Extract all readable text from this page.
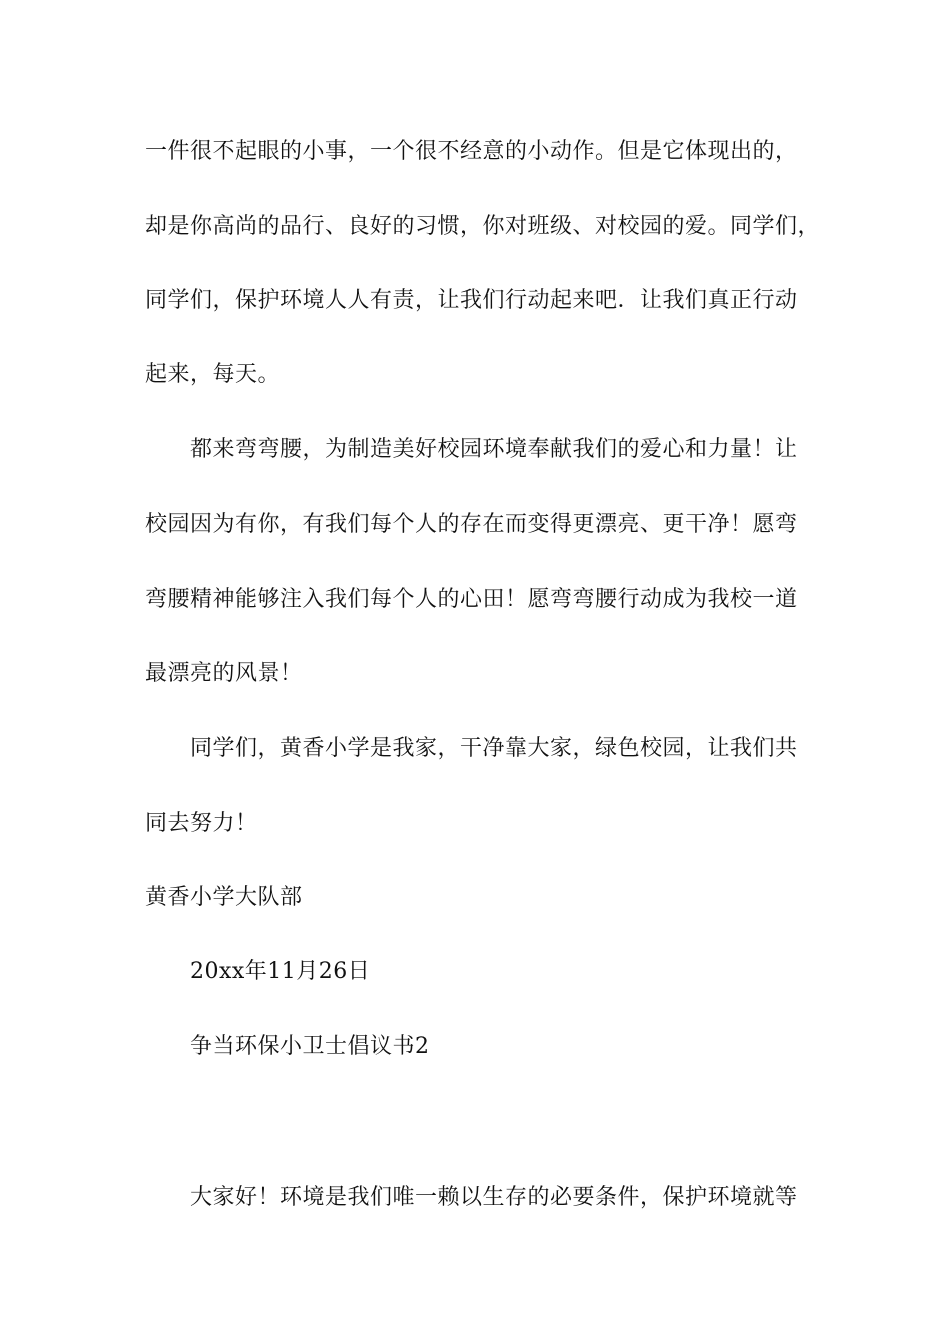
一件很不起眼的小事，一个很不经意的小动作。但是它体现出的，
却是你高尚的品行、良好的习惯，你对班级、对校园的爱。同学们，
同学们，保护环境人人有责，让我们行动起来吧．让我们真正行动
起来，每天。
都来弯弯腰，为制造美好校园环境奉献我们的爱心和力量！让
校园因为有你，有我们每个人的存在而变得更漂亮、更干净！愿弯
弯腰精神能够注入我们每个人的心田！愿弯弯腰行动成为我校一道
最漂亮的风景！
同学们，黄香小学是我家，干净靠大家，绿色校园，让我们共
同去努力！
黄香小学大队部
20xx年11月26日
争当环保小卫士倡议书2
大家好！环境是我们唯一赖以生存的必要条件，保护环境就等
